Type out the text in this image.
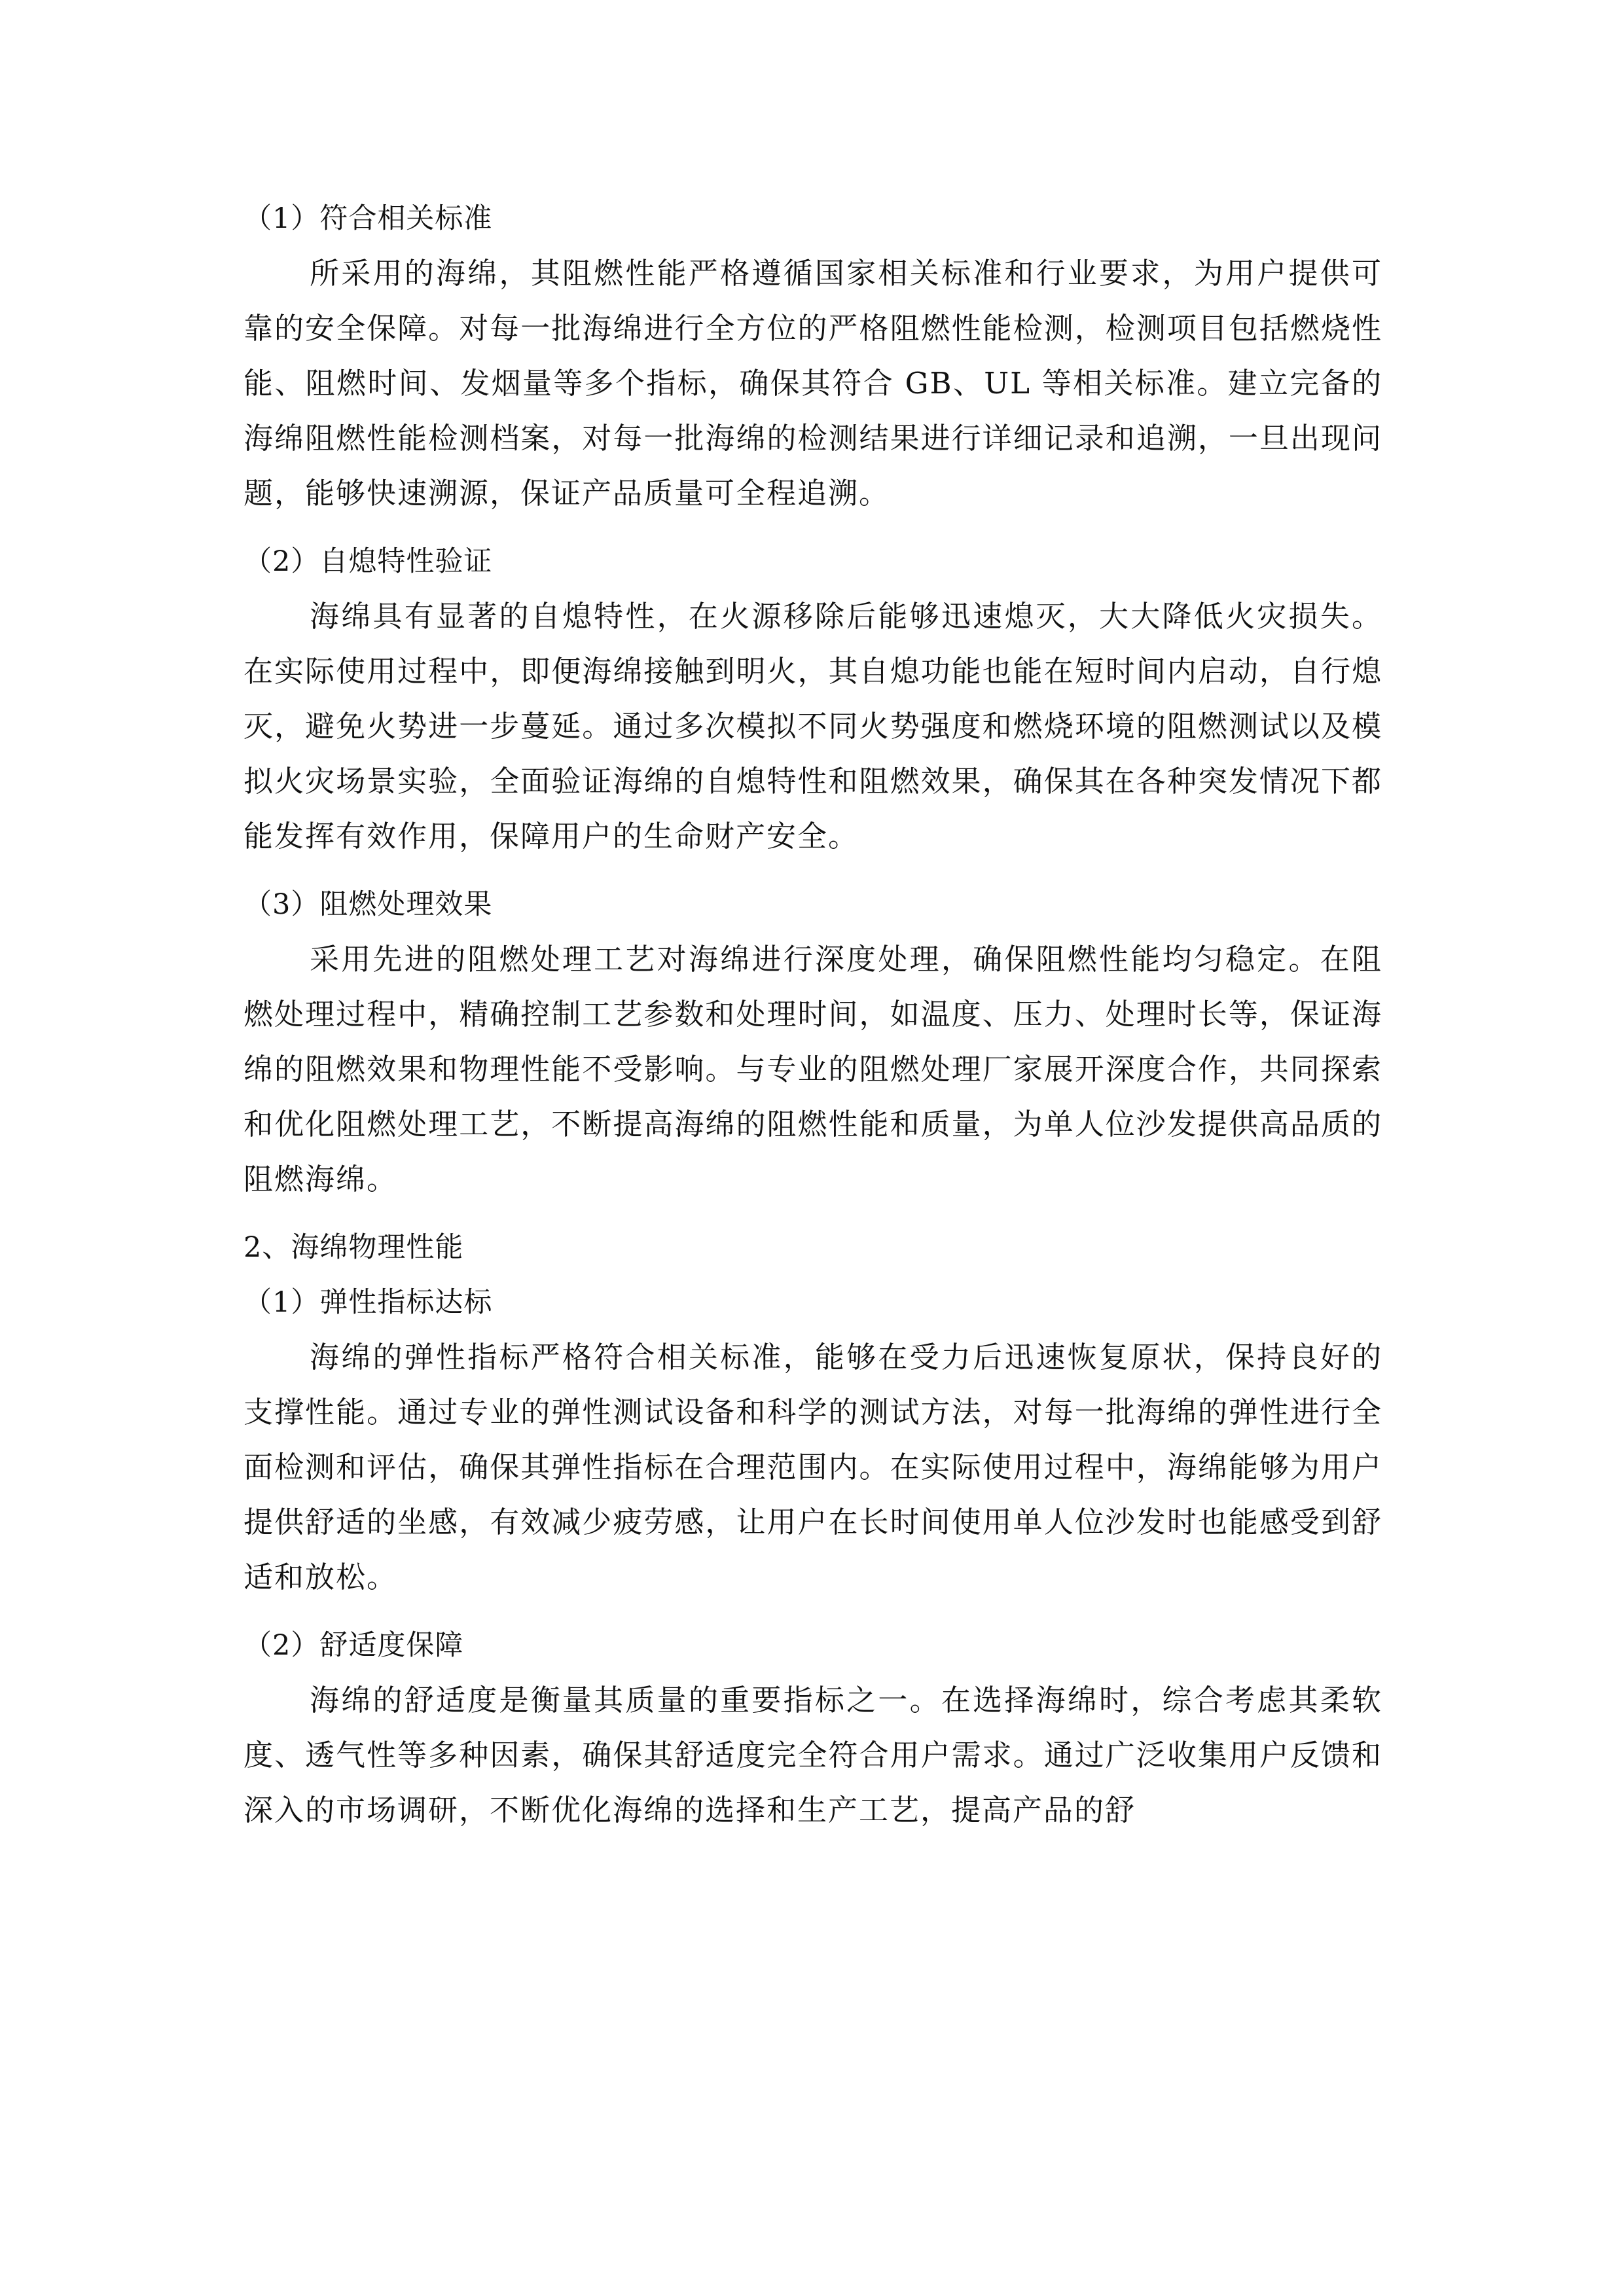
（1）符合相关标准

所采用的海绵，其阻燃性能严格遵循国家相关标准和行业要求，为用户提供可靠的安全保障。对每一批海绵进行全方位的严格阻燃性能检测，检测项目包括燃烧性能、阻燃时间、发烟量等多个指标，确保其符合 GB、UL 等相关标准。建立完备的海绵阻燃性能检测档案，对每一批海绵的检测结果进行详细记录和追溯，一旦出现问题，能够快速溯源，保证产品质量可全程追溯。

（2）自熄特性验证

海绵具有显著的自熄特性，在火源移除后能够迅速熄灭，大大降低火灾损失。在实际使用过程中，即便海绵接触到明火，其自熄功能也能在短时间内启动，自行熄灭，避免火势进一步蔓延。通过多次模拟不同火势强度和燃烧环境的阻燃测试以及模拟火灾场景实验，全面验证海绵的自熄特性和阻燃效果，确保其在各种突发情况下都能发挥有效作用，保障用户的生命财产安全。

（3）阻燃处理效果

采用先进的阻燃处理工艺对海绵进行深度处理，确保阻燃性能均匀稳定。在阻燃处理过程中，精确控制工艺参数和处理时间，如温度、压力、处理时长等，保证海绵的阻燃效果和物理性能不受影响。与专业的阻燃处理厂家展开深度合作，共同探索和优化阻燃处理工艺，不断提高海绵的阻燃性能和质量，为单人位沙发提供高品质的阻燃海绵。

2、海绵物理性能

（1）弹性指标达标

海绵的弹性指标严格符合相关标准，能够在受力后迅速恢复原状，保持良好的支撑性能。通过专业的弹性测试设备和科学的测试方法，对每一批海绵的弹性进行全面检测和评估，确保其弹性指标在合理范围内。在实际使用过程中，海绵能够为用户提供舒适的坐感，有效减少疲劳感，让用户在长时间使用单人位沙发时也能感受到舒适和放松。

（2）舒适度保障

海绵的舒适度是衡量其质量的重要指标之一。在选择海绵时，综合考虑其柔软度、透气性等多种因素，确保其舒适度完全符合用户需求。通过广泛收集用户反馈和深入的市场调研，不断优化海绵的选择和生产工艺，提高产品的舒
